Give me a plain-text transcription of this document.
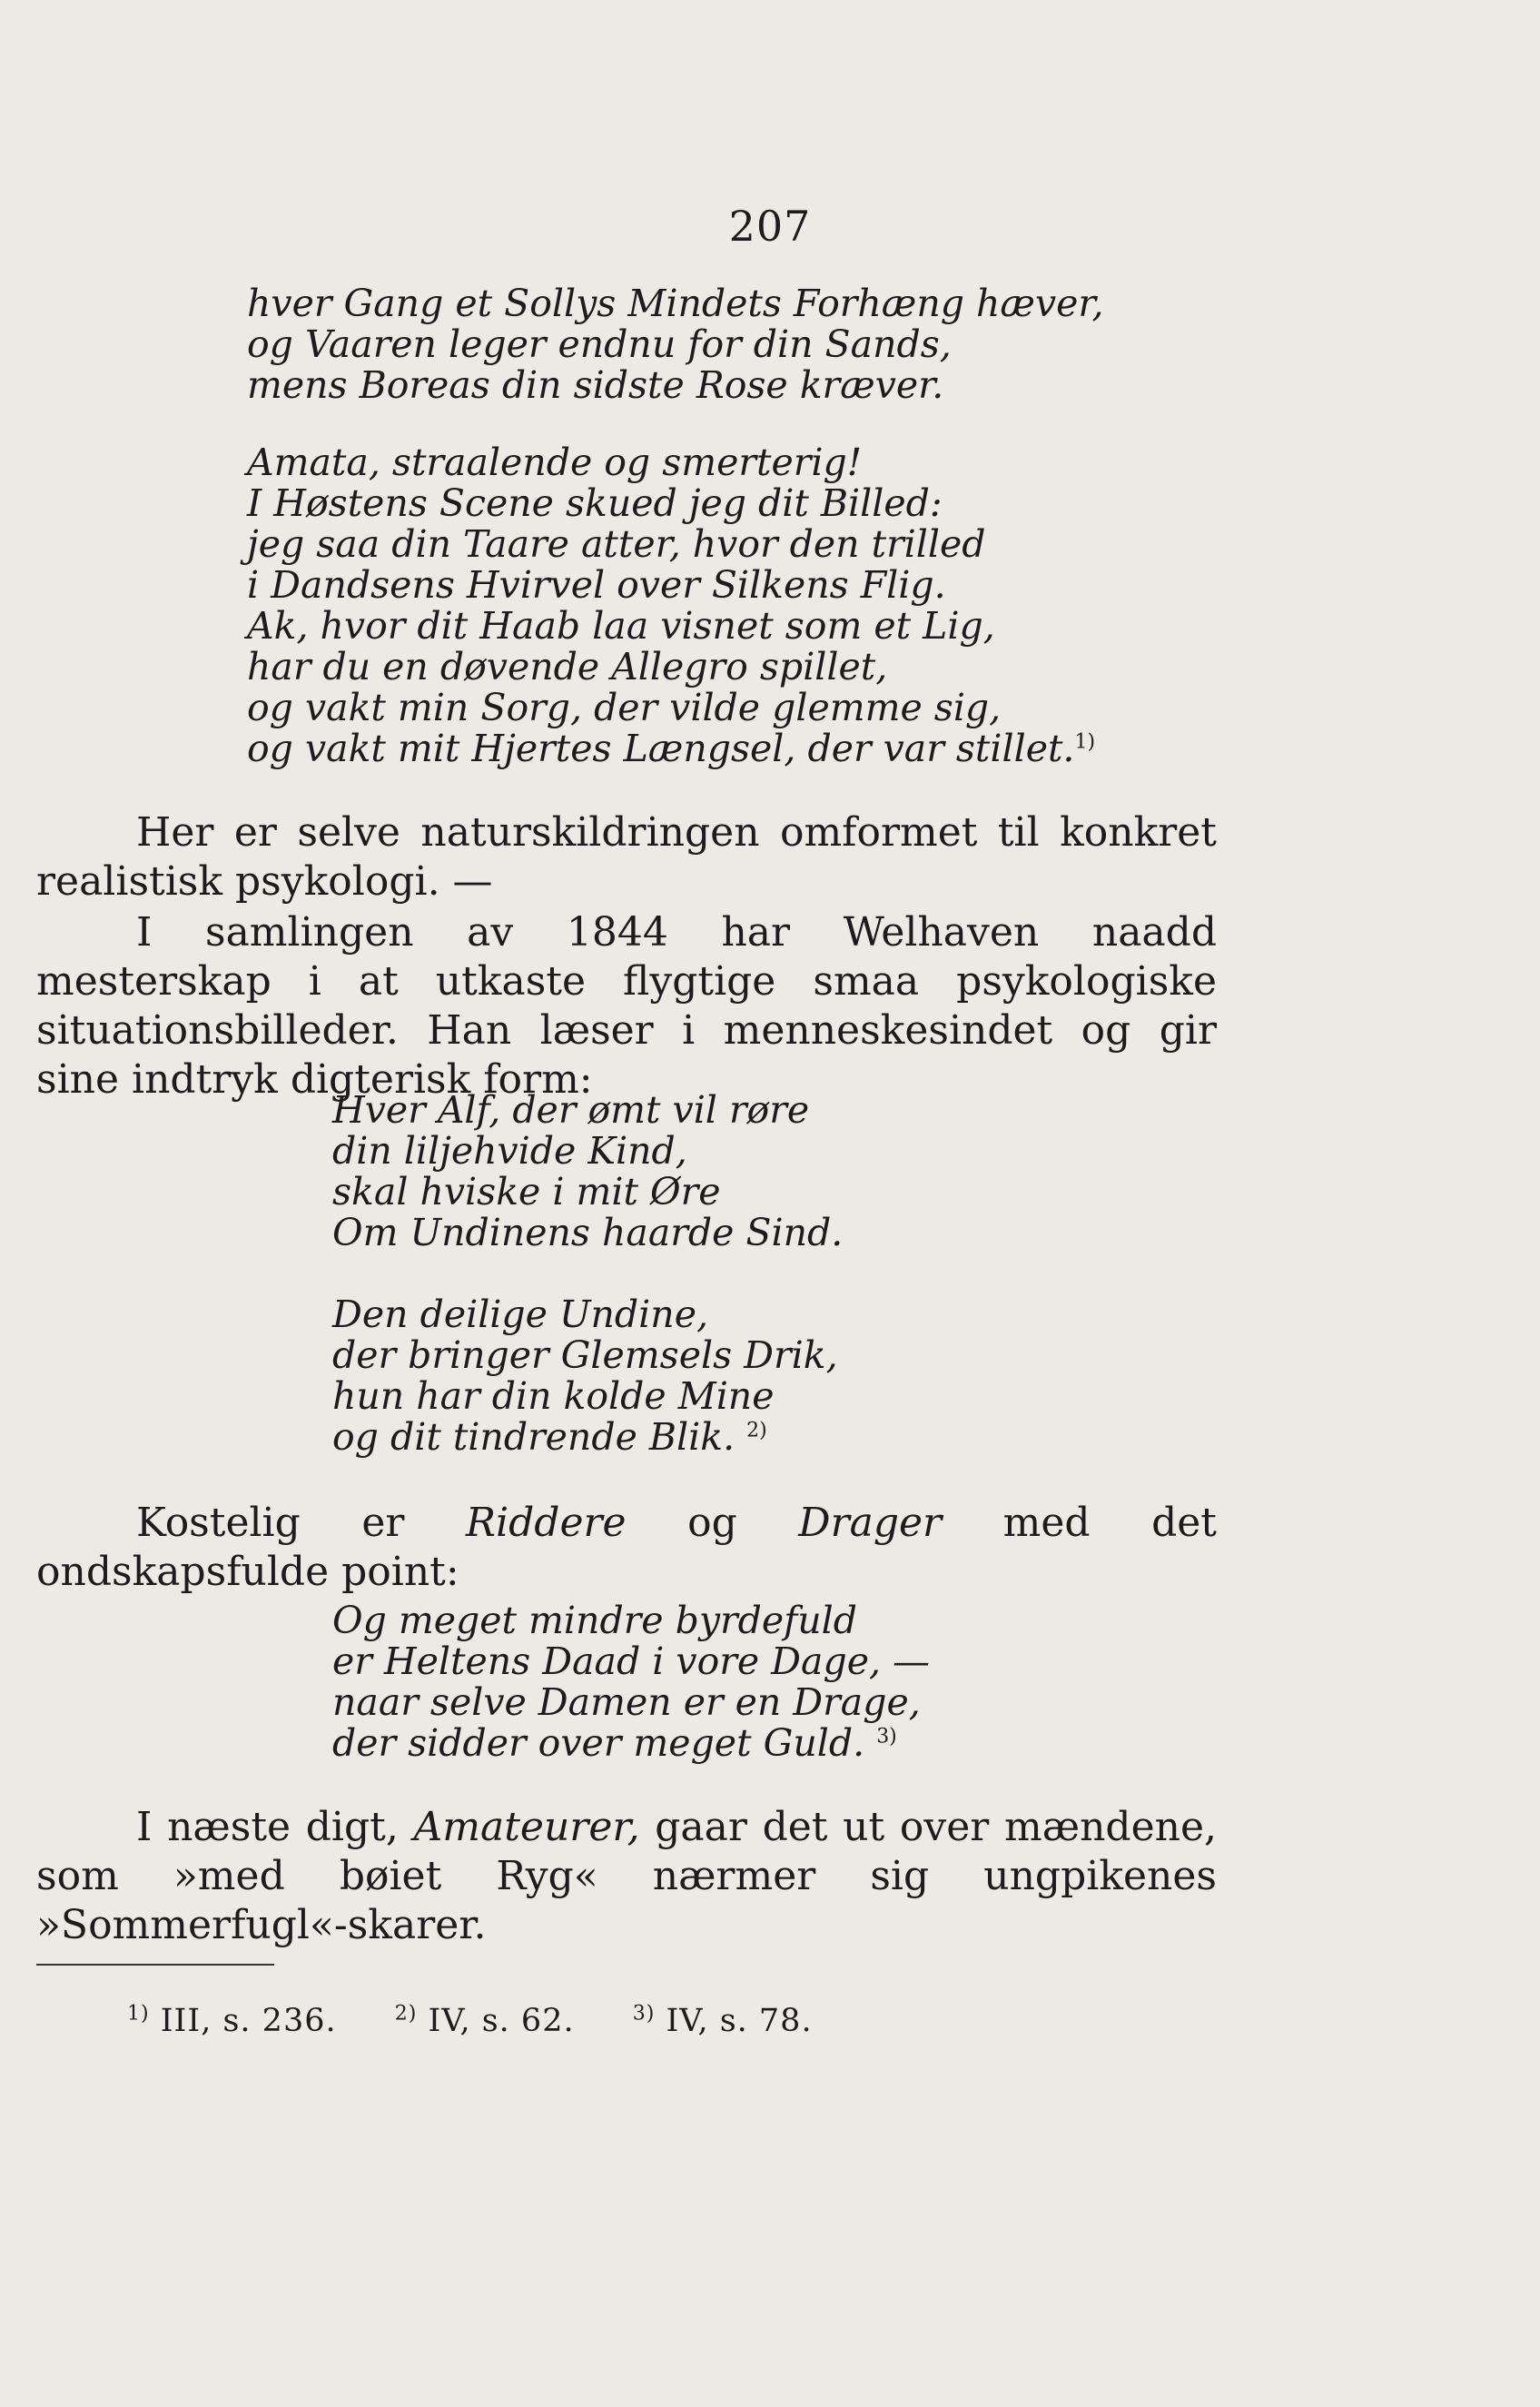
207
hver Gang et Sollys Mindets Forhæng hæver,
og Vaaren leger endnu for din Sands,
mens Boreas din sidste Rose kræver.
Amata, straalende og smerterig!
I Høstens Scene skued jeg dit Billed:
jeg saa din Taare atter, hvor den trilled
i Dandsens Hvirvel over Silkens Flig.
Ak, hvor dit Haab laa visnet som et Lig,
har du en døvende Allegro spillet,
og vakt min Sorg, der vilde glemme sig,
og vakt mit Hjertes Længsel, der var stillet.$^{1)}$

Her er selve naturskildringen omformet til konkret realistisk psykologi. —

I samlingen av 1844 har Welhaven naadd mesterskap i at utkaste flygtige smaa psykologiske situationsbilleder. Han læser i menneskesindet og gir sine indtryk digterisk form:

Hver Alf, der ømt vil røre
din liljehvide Kind,
skal hviske i mit Øre
Om Undinens haarde Sind.
Den deilige Undine,
der bringer Glemsels Drik,
hun har din kolde Mine
og dit tindrende Blik. $^{2)}$

Kostelig er Riddere og Drager med det ondskapsfulde point:

Og meget mindre byrdefuld
er Heltens Daad i vore Dage, —
naar selve Damen er en Drage,
der sidder over meget Guld. $^{3)}$

I næste digt, Amateurer, gaar det ut over mændene, som »med bøiet Ryg« nærmer sig ungpikenes »Sommerfugl«-skarer.

$^{1)}$ III, s. 236.	$^{2)}$ IV, s. 62.	$^{3)}$ IV, s. 78.
